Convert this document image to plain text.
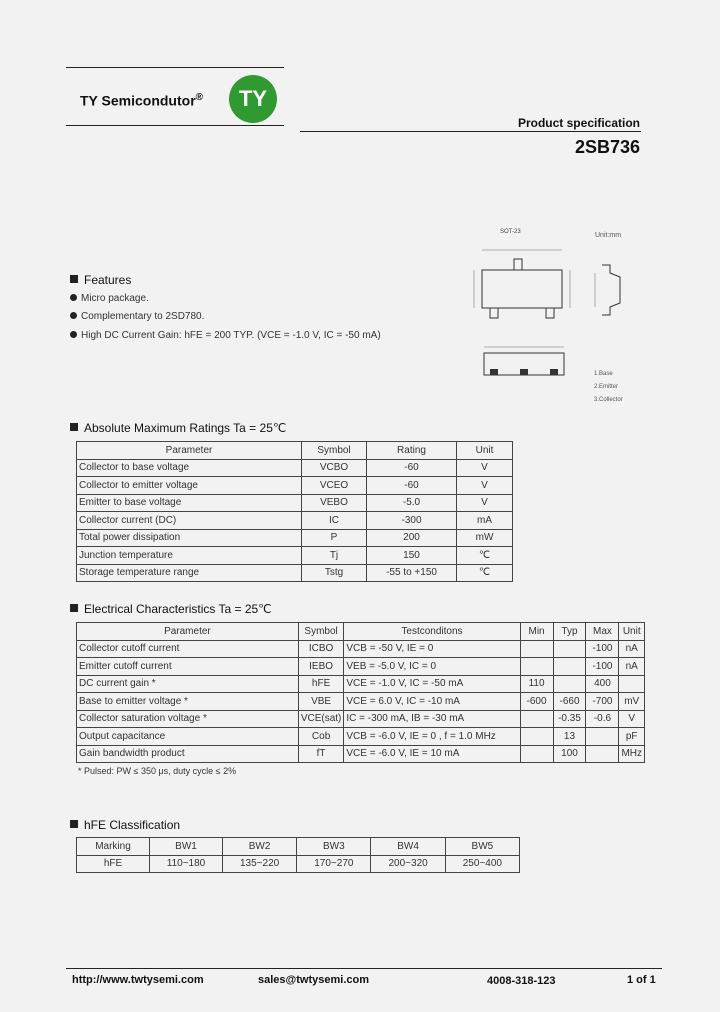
TY Semicondutor®	TY
Product specification
2SB736
SOT-23	Unit:mm
1.Base
2.Emitter
3.Collector
Features
Micro package.
Complementary to 2SD780.
High DC Current Gain: hFE = 200 TYP. (VCE = -1.0 V, IC = -50 mA)
Absolute Maximum Ratings Ta = 25℃
Parameter	Symbol	Rating	Unit
Collector to base voltage	VCBO	-60	V
Collector to emitter voltage	VCEO	-60	V
Emitter to base voltage	VEBO	-5.0	V
Collector current (DC)	IC	-300	mA
Total power dissipation	P	200	mW
Junction temperature	Tj	150	℃
Storage temperature range	Tstg	-55 to +150	℃
Electrical Characteristics Ta = 25℃
Parameter	Symbol	Testconditons	Min	Typ	Max	Unit
Collector cutoff current	ICBO	VCB = -50 V, IE = 0			-100	nA
Emitter cutoff current	IEBO	VEB = -5.0 V, IC = 0			-100	nA
DC current gain *	hFE	VCE = -1.0 V, IC = -50 mA	110		400	
Base to emitter voltage *	VBE	VCE = 6.0 V, IC = -10 mA	-600	-660	-700	mV
Collector saturation voltage *	VCE(sat)	IC = -300 mA, IB = -30 mA		-0.35	-0.6	V
Output capacitance	Cob	VCB = -6.0 V, IE = 0 , f = 1.0 MHz		13		pF
Gain bandwidth product	fT	VCE = -6.0 V, IE = 10 mA		100		MHz
* Pulsed: PW ≤ 350 μs, duty cycle ≤ 2%
hFE Classification
Marking	BW1	BW2	BW3	BW4	BW5
hFE	110~180	135~220	170~270	200~320	250~400
http://www.twtysemi.com	sales@twtysemi.com	4008-318-123	1 of 1
